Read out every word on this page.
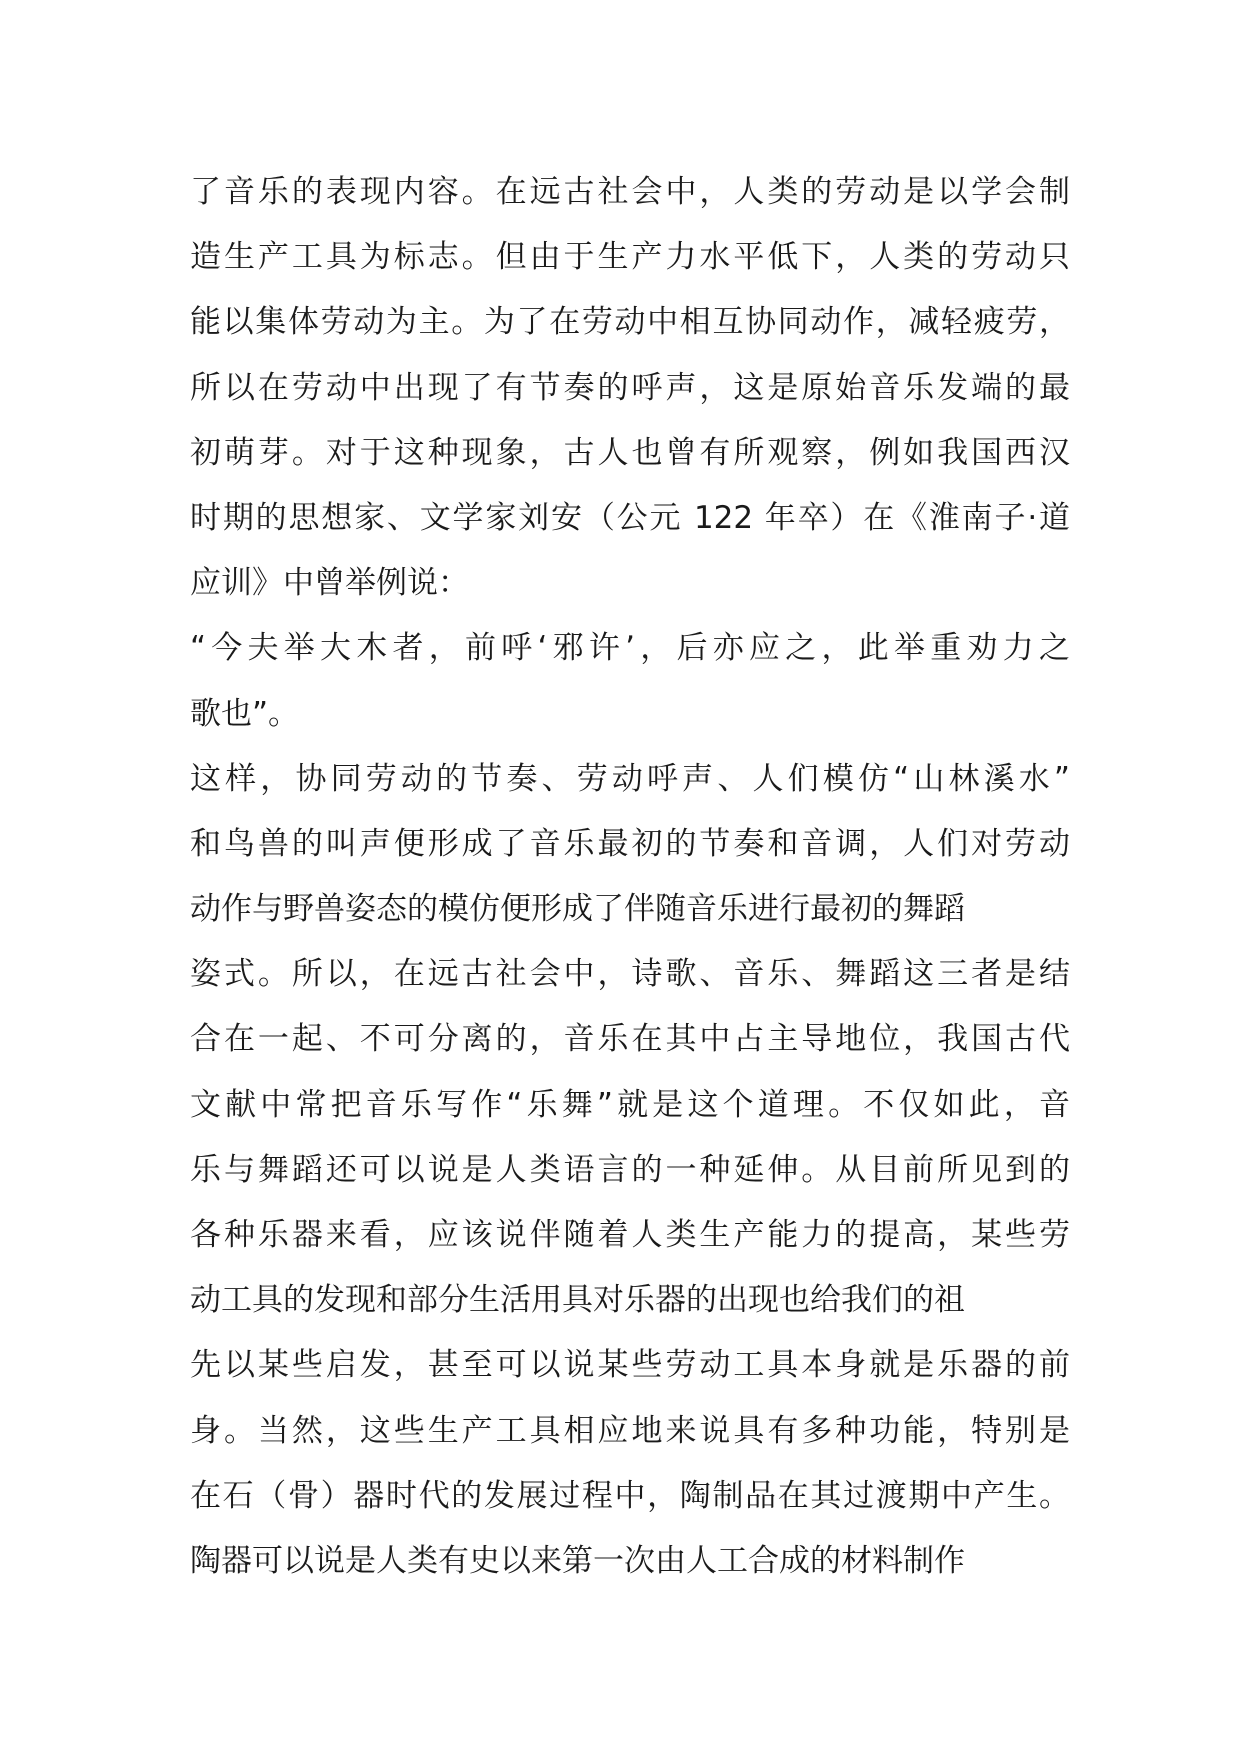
了音乐的表现内容。在远古社会中，人类的劳动是以学会制
造生产工具为标志。但由于生产力水平低下，人类的劳动只
能以集体劳动为主。为了在劳动中相互协同动作，减轻疲劳，
所以在劳动中出现了有节奏的呼声，这是原始音乐发端的最
初萌芽。对于这种现象，古人也曾有所观察，例如我国西汉
时期的思想家、文学家刘安（公元 122 年卒）在《淮南子·道
应训》中曾举例说：
“今夫举大木者，前呼‘邪许’，后亦应之，此举重劝力之
歌也”。
这样，协同劳动的节奏、劳动呼声、人们模仿“山林溪水”
和鸟兽的叫声便形成了音乐最初的节奏和音调，人们对劳动
动作与野兽姿态的模仿便形成了伴随音乐进行最初的舞蹈
姿式。所以，在远古社会中，诗歌、音乐、舞蹈这三者是结
合在一起、不可分离的，音乐在其中占主导地位，我国古代
文献中常把音乐写作“乐舞”就是这个道理。不仅如此，音
乐与舞蹈还可以说是人类语言的一种延伸。从目前所见到的
各种乐器来看，应该说伴随着人类生产能力的提高，某些劳
动工具的发现和部分生活用具对乐器的出现也给我们的祖
先以某些启发，甚至可以说某些劳动工具本身就是乐器的前
身。当然，这些生产工具相应地来说具有多种功能，特别是
在石（骨）器时代的发展过程中，陶制品在其过渡期中产生。
陶器可以说是人类有史以来第一次由人工合成的材料制作
